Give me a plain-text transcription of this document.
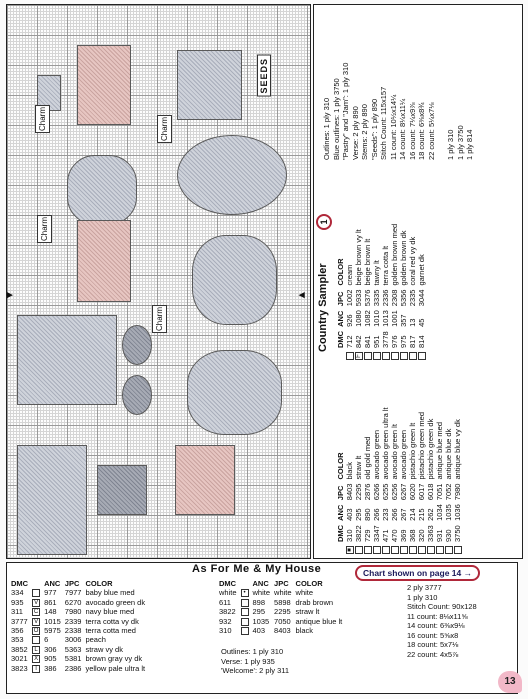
SEEDS
Charm
Charm
Charm
Charm
▸	◂ Country Sampler
1
	DMC	ANC	JPC	COLOR
■	310	403	8403	black
	3822	295	2295	straw lt
	729	890	2876	old gold med
	3347	266	6266	avocado green
	471	233	6255	avocado green ultra lt
	470	266	6256	avocado green lt
	369	267	6267	avocado green
	368	214	6020	pistachio green lt
	320	215	6017	pistachio green med
	3363	262	6018	pistachio green dk
	931	1034	7051	antique blue med
	930	1035	7052	antique blue dk
	3750	1036	7980	antique blue vy dk
	DMC	ANC	JPC	COLOR
	712	926	1002	cream
F	842	1080	5933	beige brown vy lt
	841	1082	5376	beige brown lt
	951	1010	3335	tawny lt
	3778	1013	2336	terra cotta lt
	976	1001	2308	golden brown med
	975	357	5356	golden brown dk
	817	13	2335	coral red vy dk
	814	45	3044	garnet dk
Outlines: 1 ply 310 Blue outlines: 1 ply 3750 "Pastry" and "Jam": 1 ply 310 Verse: 2 ply 890 Stems: 2 ply 890 "Seeds": 1 ply 890 Stitch Count: 115x157 11 count: 10½x14¼ 14 count: 8¼x11¼ 16 count: 7¼x9⅞ 18 count: 6⅜x8¾ 22 count: 5¼x7⅛ 1 ply 310 1 ply 3750 1 ply 814
As For Me & My House	Chart shown on page 14 →
DMC		ANC	JPC	COLOR
334		977	7977	baby blue med
935	V	861	6270	avocado green dk
311	C	148	7980	navy blue med
3777	V	1015	2339	terra cotta vy dk
356	O	5975	2338	terra cotta med
353		6	3006	peach
3852	L	306	5363	straw vy dk
3021	X	905	5381	brown gray vy dk
3823	T	386	2386	yellow pale ultra lt
DMC		ANC	JPC	COLOR
white	•	white	white	white
611		898	5898	drab brown
3822		295	2295	straw lt
932		1035	7050	antique blue lt
310		403	8403	black
Outlines: 1 ply 310
Verse: 1 ply 935
'Welcome': 2 ply 311
2 ply 3777
1 ply 310
Stitch Count: 90x128
11 count: 8⅛x11⅝
14 count: 6⅜x9⅛
16 count: 5⅝x8
18 count: 5x7⅛
22 count: 4x5⅞
13
